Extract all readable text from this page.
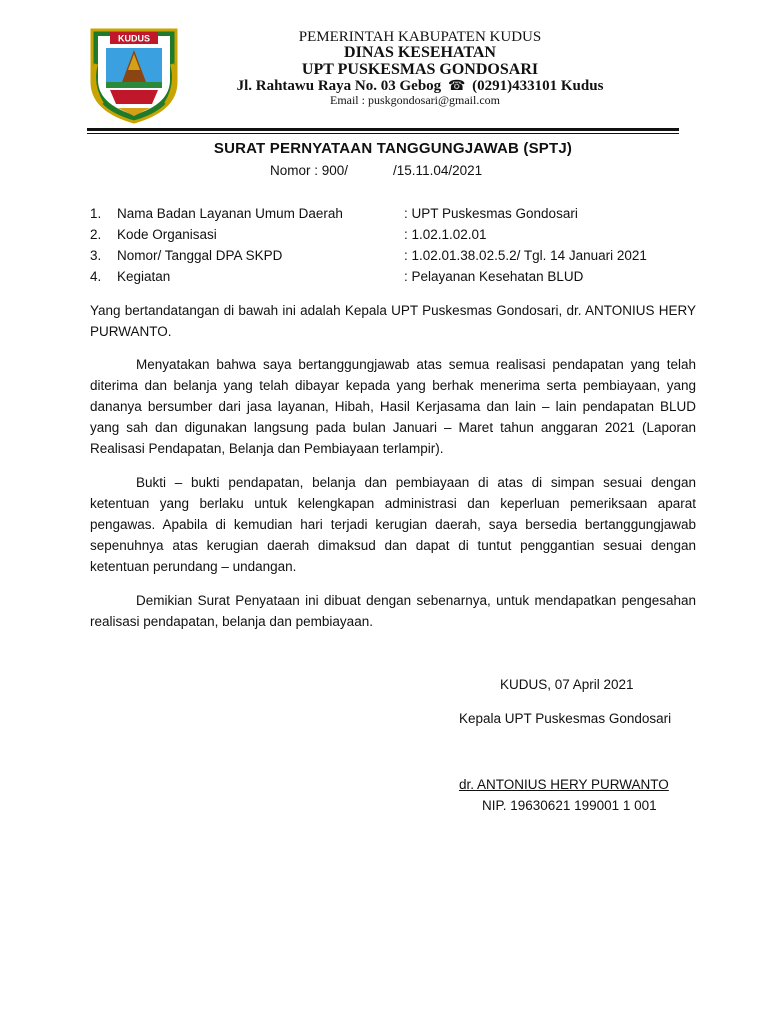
KUDUS	PEMERINTAH KABUPATEN KUDUS
DINAS KESEHATAN
UPT PUSKESMAS GONDOSARI
Jl. Rahtawu Raya No. 03 Gebog ☎ (0291)433101 Kudus
Email : puskgondosari@gmail.com
SURAT PERNYATAAN TANGGUNGJAWAB (SPTJ)
Nomor : 900/            /15.11.04/2021
1.	Nama Badan Layanan Umum Daerah	: UPT Puskesmas Gondosari
2.	Kode Organisasi	: 1.02.1.02.01
3.	Nomor/ Tanggal DPA SKPD	: 1.02.01.38.02.5.2/ Tgl. 14 Januari 2021
4.	Kegiatan	: Pelayanan Kesehatan BLUD
Yang bertandatangan di bawah ini adalah Kepala UPT Puskesmas Gondosari, dr. ANTONIUS HERY PURWANTO.
Menyatakan bahwa saya bertanggungjawab atas semua realisasi pendapatan yang telah diterima dan belanja yang telah dibayar kepada yang berhak menerima serta pembiayaan, yang dananya bersumber dari jasa layanan, Hibah, Hasil Kerjasama dan lain – lain pendapatan BLUD yang sah dan digunakan langsung pada bulan Januari – Maret tahun anggaran 2021 (Laporan Realisasi Pendapatan, Belanja dan Pembiayaan terlampir).
Bukti – bukti pendapatan, belanja dan pembiayaan di atas di simpan sesuai dengan ketentuan yang berlaku untuk kelengkapan administrasi dan keperluan pemeriksaan aparat pengawas. Apabila di kemudian hari terjadi kerugian daerah, saya bersedia bertanggungjawab sepenuhnya atas kerugian daerah dimaksud dan dapat di tuntut penggantian sesuai dengan ketentuan perundang – undangan.
Demikian Surat Penyataan ini dibuat dengan sebenarnya, untuk mendapatkan pengesahan realisasi pendapatan, belanja dan pembiayaan.
KUDUS, 07 April 2021
Kepala UPT Puskesmas Gondosari
dr. ANTONIUS HERY PURWANTO
NIP. 19630621 199001 1 001
